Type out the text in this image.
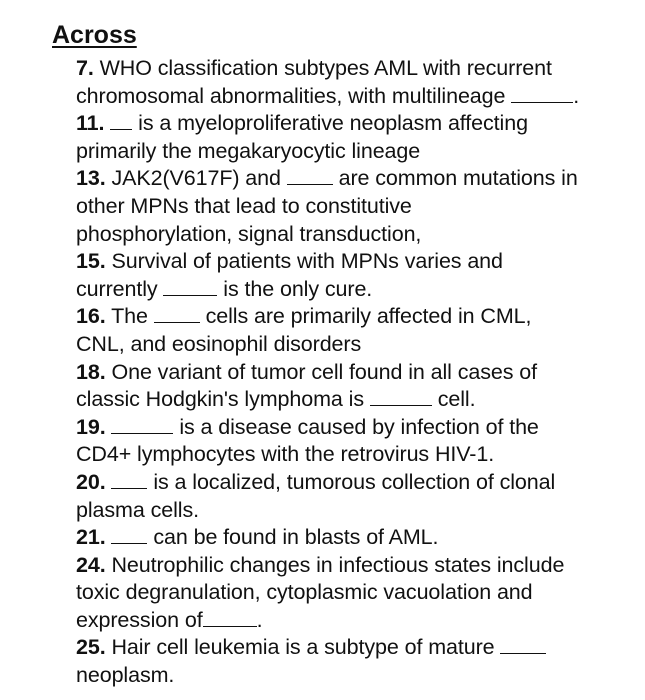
Across
7. WHO classification subtypes AML with recurrent
chromosomal abnormalities, with multilineage	.
11. is a myeloproliferative neoplasm affecting
primarily the megakaryocytic lineage
13. JAK2(V617F) and	are common mutations in
other MPNs that lead to constitutive
phosphorylation, signal transduction,
15. Survival of patients with MPNs varies and
currently	is the only cure.
16. The	cells are primarily affected in CML,
CNL, and eosinophil disorders
18. One variant of tumor cell found in all cases of
classic Hodgkin's lymphoma is	cell.
19.	is a disease caused by infection of the
CD4+ lymphocytes with the retrovirus HIV-1.
20. is a localized, tumorous collection of clonal
plasma cells.
21. can be found in blasts of AML.
24. Neutrophilic changes in infectious states include
toxic degranulation, cytoplasmic vacuolation and
expression of	.
25. Hair cell leukemia is a subtype of mature
neoplasm.
